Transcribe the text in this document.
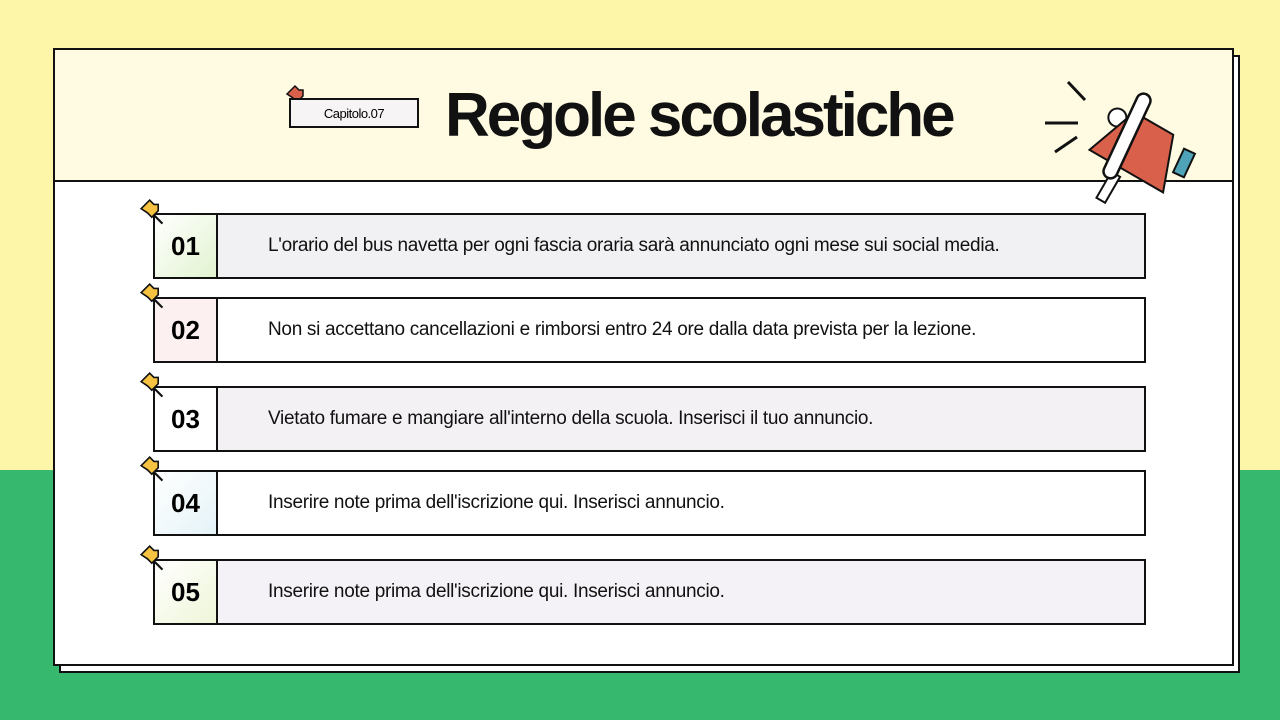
Capitolo.07 Regole scolastiche
01	L'orario del bus navetta per ogni fascia oraria sarà annunciato ogni mese sui social media.
02	Non si accettano cancellazioni e rimborsi entro 24 ore dalla data prevista per la lezione.
03	Vietato fumare e mangiare all'interno della scuola. Inserisci il tuo annuncio.
04	Inserire note prima dell'iscrizione qui. Inserisci annuncio.
05	Inserire note prima dell'iscrizione qui. Inserisci annuncio.
